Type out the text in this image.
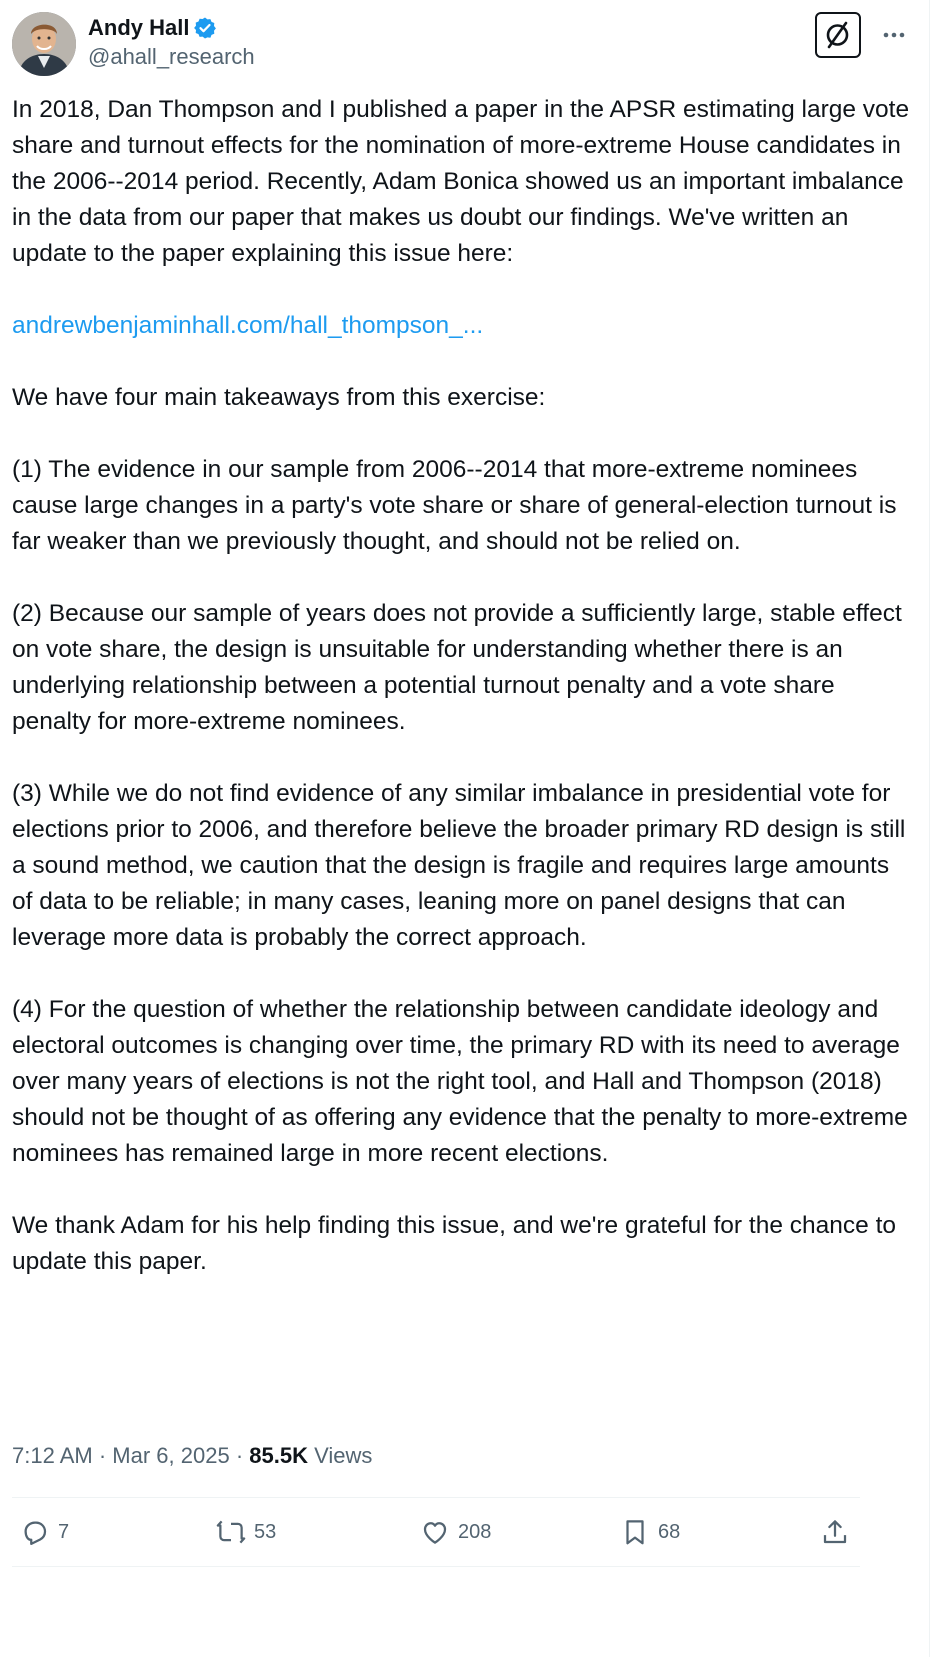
Andy Hall
@ahall_research

In 2018, Dan Thompson and I published a paper in the APSR estimating large vote share and turnout effects for the nomination of more-extreme House candidates in the 2006--2014 period. Recently, Adam Bonica showed us an important imbalance in the data from our paper that makes us doubt our findings. We've written an update to the paper explaining this issue here:

andrewbenjaminhall.com/hall_thompson_...

We have four main takeaways from this exercise:

(1) The evidence in our sample from 2006--2014 that more-extreme nominees cause large changes in a party's vote share or share of general-election turnout is far weaker than we previously thought, and should not be relied on.

(2) Because our sample of years does not provide a sufficiently large, stable effect on vote share, the design is unsuitable for understanding whether there is an underlying relationship between a potential turnout penalty and a vote share penalty for more-extreme nominees.

(3) While we do not find evidence of any similar imbalance in presidential vote for elections prior to 2006, and therefore believe the broader primary RD design is still a sound method, we caution that the design is fragile and requires large amounts of data to be reliable; in many cases, leaning more on panel designs that can leverage more data is probably the correct approach.

(4) For the question of whether the relationship between candidate ideology and electoral outcomes is changing over time, the primary RD with its need to average over many years of elections is not the right tool, and Hall and Thompson (2018) should not be thought of as offering any evidence that the penalty to more-extreme nominees has remained large in more recent elections.

We thank Adam for his help finding this issue, and we're grateful for the chance to update this paper.

7:12 AM · Mar 6, 2025 · 85.5K Views
7	53	208	68
